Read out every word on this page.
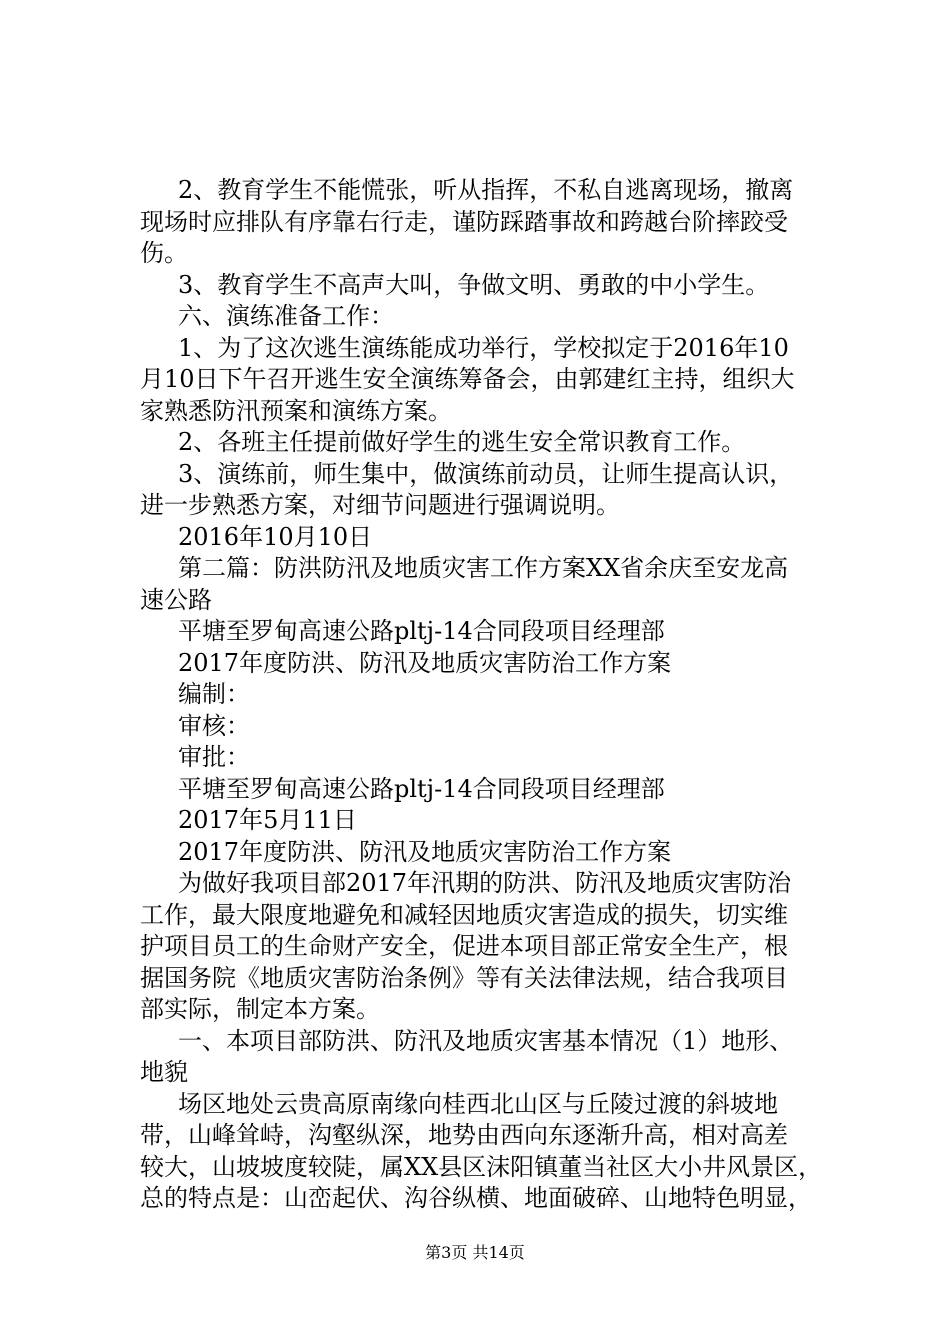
2、教育学生不能慌张，听从指挥，不私自逃离现场，撤离
现场时应排队有序靠右行走，谨防踩踏事故和跨越台阶摔跤受
伤。
3、教育学生不高声大叫，争做文明、勇敢的中小学生。
六、演练准备工作：
1、为了这次逃生演练能成功举行，学校拟定于2016年10
月10日下午召开逃生安全演练筹备会，由郭建红主持，组织大
家熟悉防汛预案和演练方案。
2、各班主任提前做好学生的逃生安全常识教育工作。
3、演练前，师生集中，做演练前动员，让师生提高认识，
进一步熟悉方案，对细节问题进行强调说明。
2016年10月10日
第二篇：防洪防汛及地质灾害工作方案XX省余庆至安龙高
速公路
平塘至罗甸高速公路pltj-14合同段项目经理部
2017年度防洪、防汛及地质灾害防治工作方案
编制：
审核：
审批：
平塘至罗甸高速公路pltj-14合同段项目经理部
2017年5月11日
2017年度防洪、防汛及地质灾害防治工作方案
为做好我项目部2017年汛期的防洪、防汛及地质灾害防治
工作，最大限度地避免和减轻因地质灾害造成的损失，切实维
护项目员工的生命财产安全，促进本项目部正常安全生产，根
据国务院《地质灾害防治条例》等有关法律法规，结合我项目
部实际，制定本方案。
一、本项目部防洪、防汛及地质灾害基本情况（1）地形、
地貌
场区地处云贵高原南缘向桂西北山区与丘陵过渡的斜坡地
带，山峰耸峙，沟壑纵深，地势由西向东逐渐升高，相对高差
较大，山坡坡度较陡，属XX县区沫阳镇董当社区大小井风景区，
总的特点是：山峦起伏、沟谷纵横、地面破碎、山地特色明显，
第3页 共14页
